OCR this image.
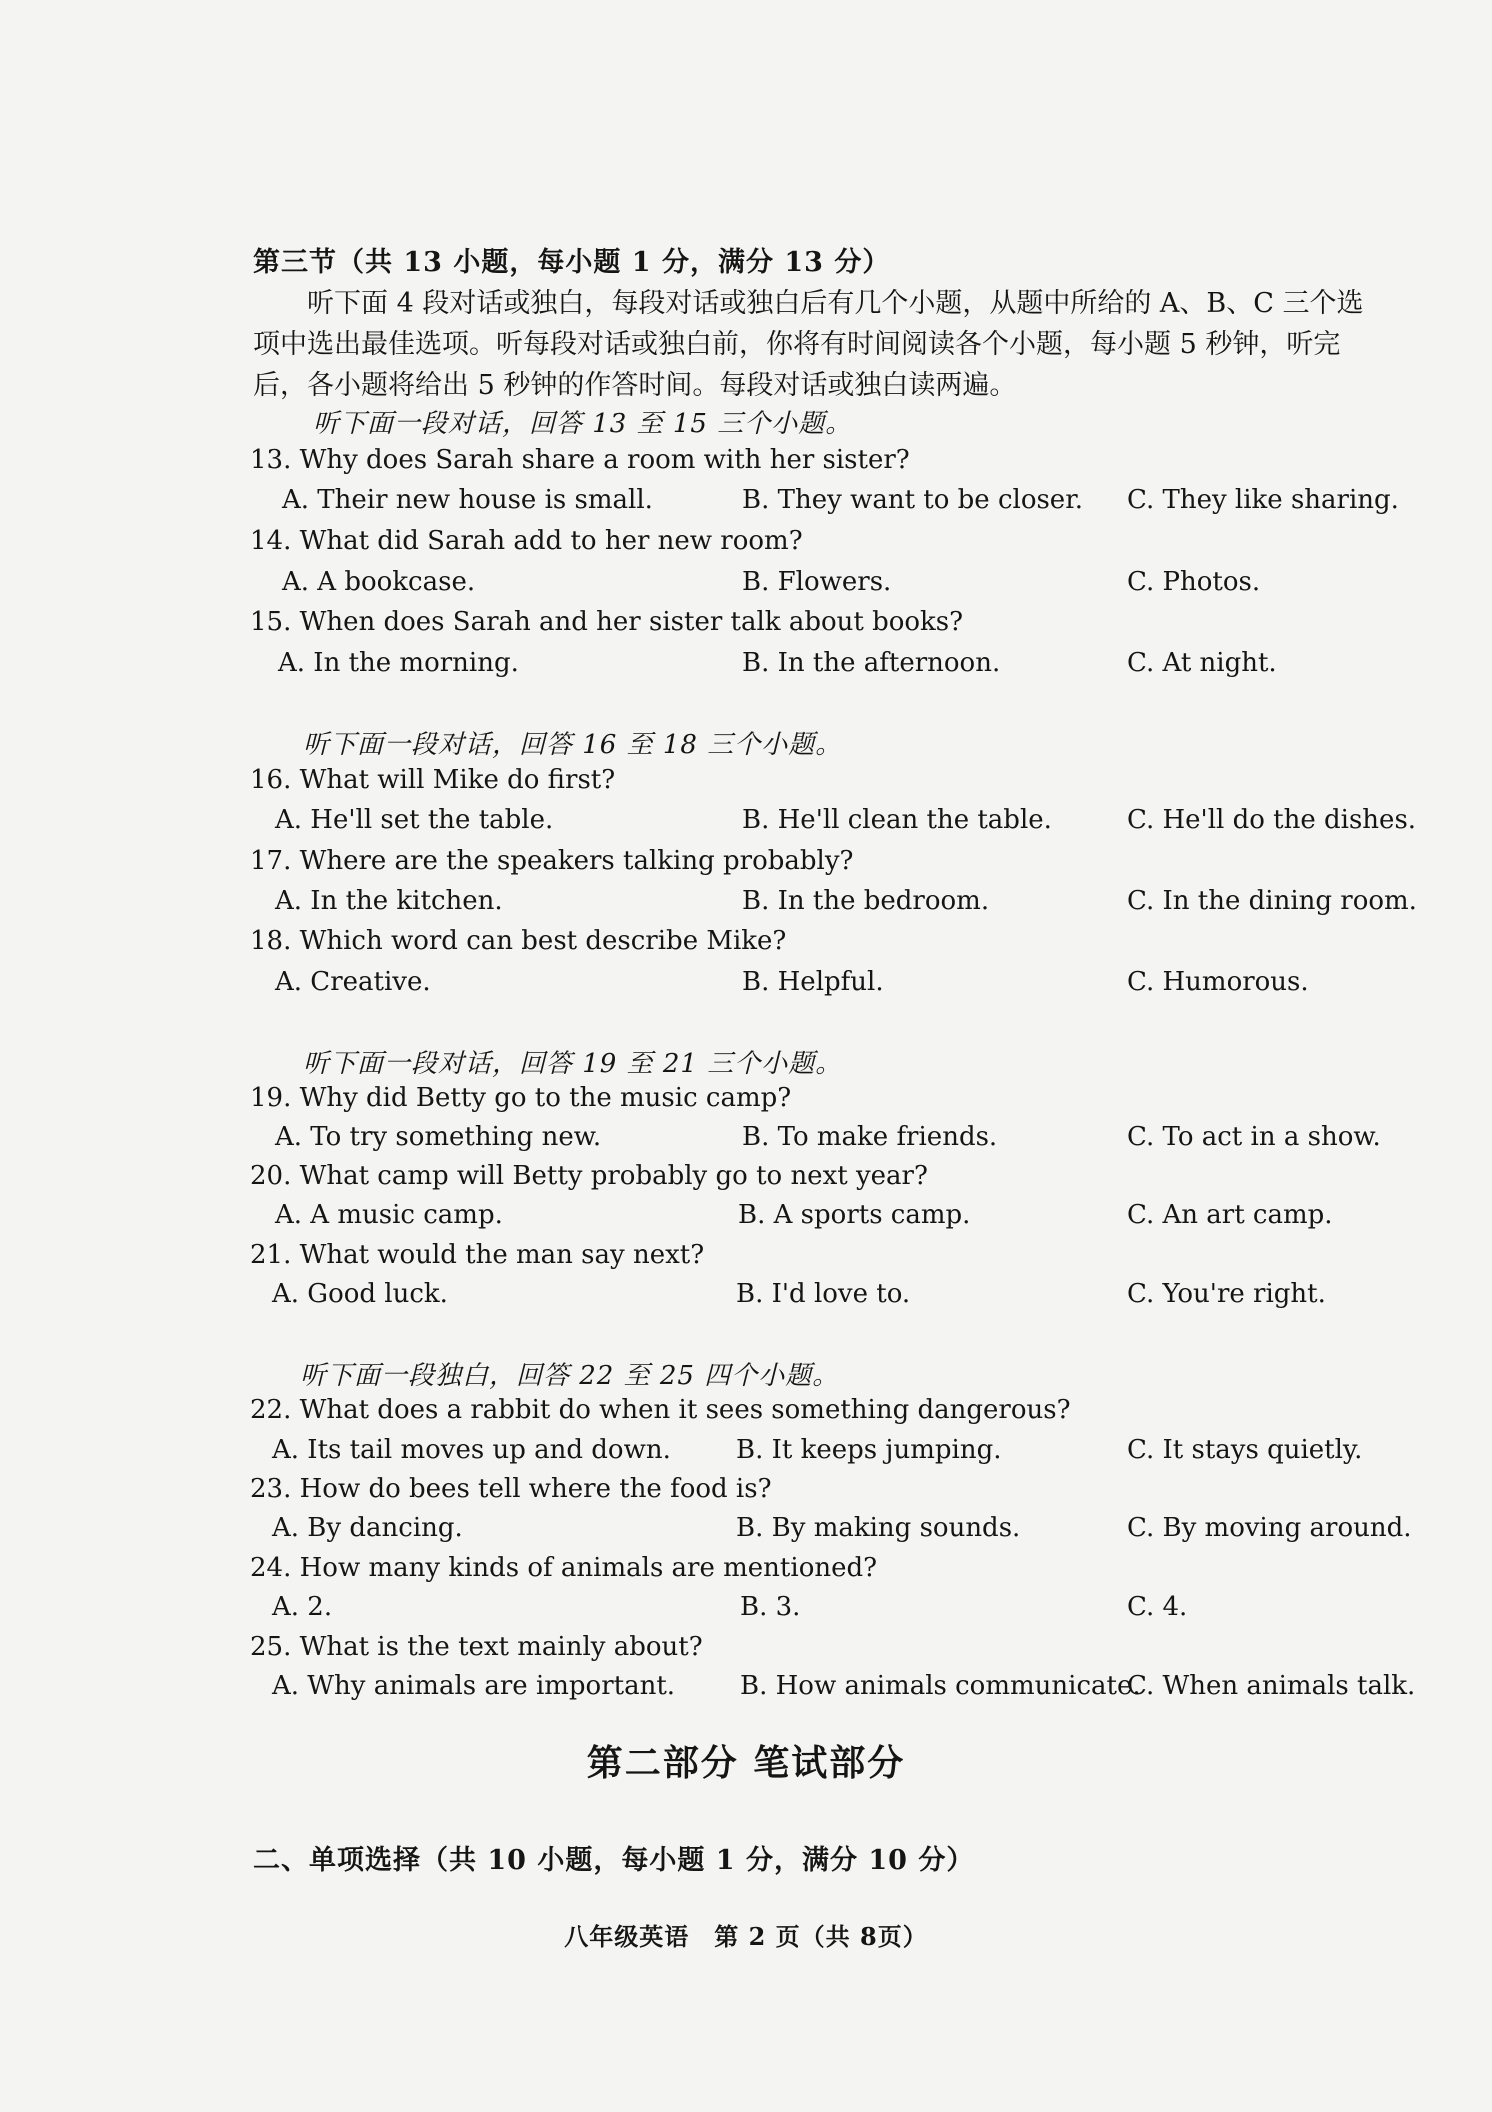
第三节（共 13 小题，每小题 1 分，满分 13 分）
听下面 4 段对话或独白，每段对话或独白后有几个小题，从题中所给的 A、B、C 三个选项中选出最佳选项。听每段对话或独白前，你将有时间阅读各个小题，每小题 5 秒钟，听完后，各小题将给出 5 秒钟的作答时间。每段对话或独白读两遍。
听下面一段对话，回答 13 至 15 三个小题。
13. Why does Sarah share a room with her sister?
A. Their new house is small.	B. They want to be closer. C. They like sharing.
14. What did Sarah add to her new room?
A. A bookcase.	B. Flowers.	C. Photos.
15. When does Sarah and her sister talk about books?
A. In the morning.	B. In the afternoon.	C. At night.
听下面一段对话，回答 16 至 18 三个小题。
16. What will Mike do first?
A. He'll set the table.	B. He'll clean the table.	C. He'll do the dishes.
17. Where are the speakers talking probably?
A. In the kitchen.	B. In the bedroom.	C. In the dining room.
18. Which word can best describe Mike?
A. Creative.	B. Helpful.	C. Humorous.
听下面一段对话，回答 19 至 21 三个小题。
19. Why did Betty go to the music camp?
A. To try something new.	B. To make friends.	C. To act in a show.
20. What camp will Betty probably go to next year?
A. A music camp.	B. A sports camp.	C. An art camp.
21. What would the man say next?
A. Good luck.	B. I'd love to.	C. You're right.
听下面一段独白，回答 22 至 25 四个小题。
22. What does a rabbit do when it sees something dangerous?
A. Its tail moves up and down.	B. It keeps jumping.	C. It stays quietly.
23. How do bees tell where the food is?
A. By dancing.	B. By making sounds.	C. By moving around.
24. How many kinds of animals are mentioned?
A. 2.	B. 3.	C. 4.
25. What is the text mainly about?
A. Why animals are important. B. How animals communicate.
C. When animals talk.
第二部分 笔试部分
二、单项选择（共 10 小题，每小题 1 分，满分 10 分）
八年级英语　第 2 页（共 8页）
